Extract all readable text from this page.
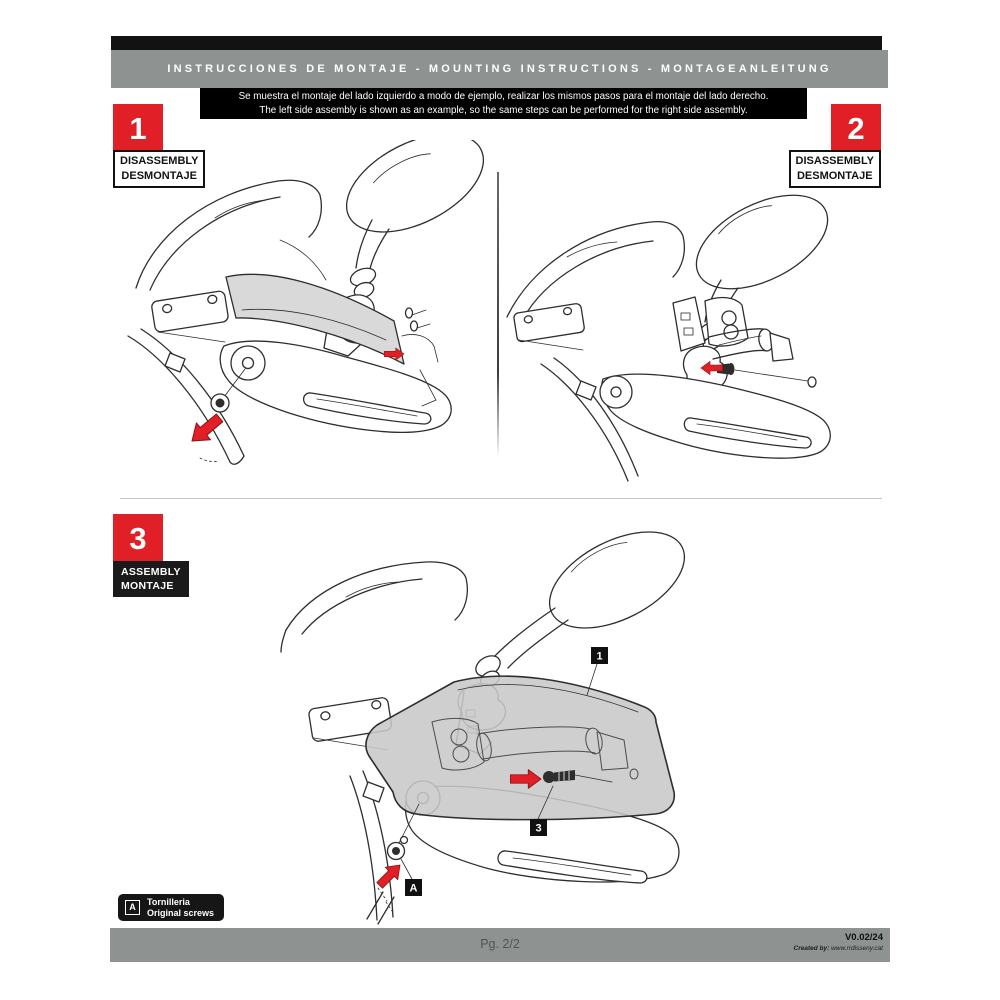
INSTRUCCIONES DE MONTAJE - MOUNTING INSTRUCTIONS - MONTAGEANLEITUNG
Se muestra el montaje del lado izquierdo a modo de ejemplo, realizar los mismos pasos para el montaje del lado derecho.
The left side assembly is shown as an example, so the same steps can be performed for the right side assembly.
1
DISASSEMBLY
DESMONTAJE
2
DISASSEMBLY
DESMONTAJE
3
ASSEMBLY
MONTAJE
3
1
A
A	Tornilleria
Original screws
Pg. 2/2	V0.02/24
Created by: www.rrdisseny.cat
